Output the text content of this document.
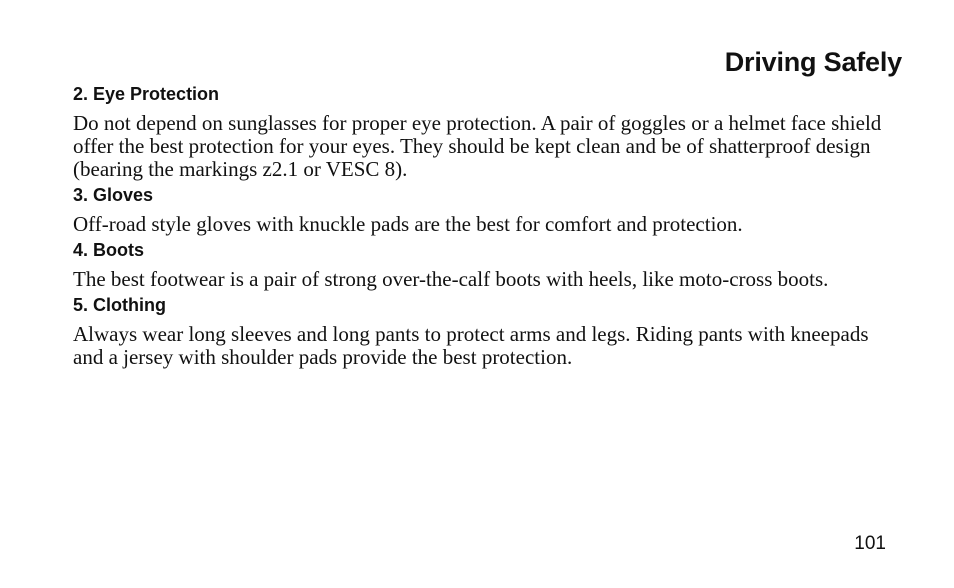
Driving Safely
2. Eye Protection
Do not depend on sunglasses for proper eye protection. A pair of goggles or a helmet face shield offer the best protection for your eyes. They should be kept clean and be of shatterproof design (bearing the markings z2.1 or VESC 8).
3. Gloves
Off-road style gloves with knuckle pads are the best for comfort and protection.
4. Boots
The best footwear is a pair of strong over-the-calf boots with heels, like moto-cross boots.
5. Clothing
Always wear long sleeves and long pants to protect arms and legs. Riding pants with kneepads and a jersey with shoulder pads provide the best protection.
101
